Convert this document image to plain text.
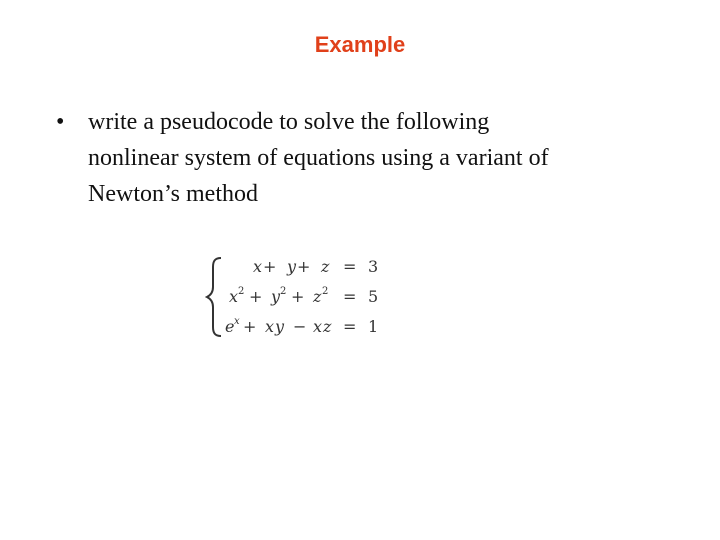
Example
• write a pseudocode to solve the following
nonlinear system of equations using a variant of
Newton’s method
x + y + z = 3
x 2 + y 2 + z 2 = 5
e x + x y − x z = 1
